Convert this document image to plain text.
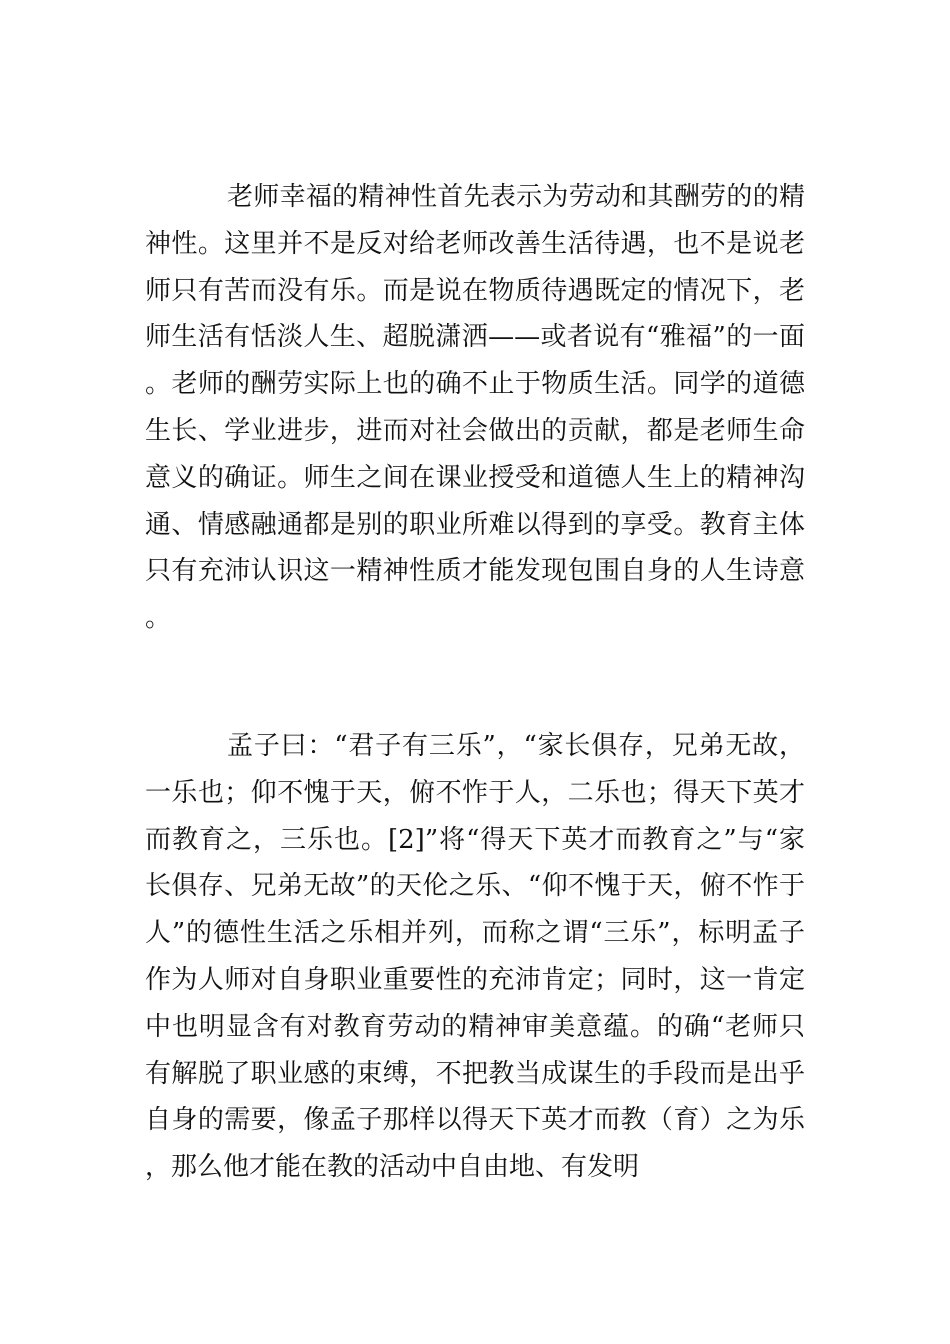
老师幸福的精神性首先表示为劳动和其酬劳的的精神性。这里并不是反对给老师改善生活待遇，也不是说老师只有苦而没有乐。而是说在物质待遇既定的情况下，老师生活有恬淡人生、超脱潇洒——或者说有“雅福”的一面。老师的酬劳实际上也的确不止于物质生活。同学的道德生长、学业进步，进而对社会做出的贡献，都是老师生命意义的确证。师生之间在课业授受和道德人生上的精神沟通、情感融通都是别的职业所难以得到的享受。教育主体只有充沛认识这一精神性质才能发现包围自身的人生诗意。

孟子曰：“君子有三乐”，“家长俱存，兄弟无故，一乐也；仰不愧于天，俯不怍于人，二乐也；得天下英才而教育之，三乐也。[2]”将“得天下英才而教育之”与“家长俱存、兄弟无故”的天伦之乐、“仰不愧于天，俯不怍于人”的德性生活之乐相并列，而称之谓“三乐”，标明孟子作为人师对自身职业重要性的充沛肯定；同时，这一肯定中也明显含有对教育劳动的精神审美意蕴。的确“老师只有解脱了职业感的束缚，不把教当成谋生的手段而是出乎自身的需要，像孟子那样以得天下英才而教（育）之为乐，那么他才能在教的活动中自由地、有发明
